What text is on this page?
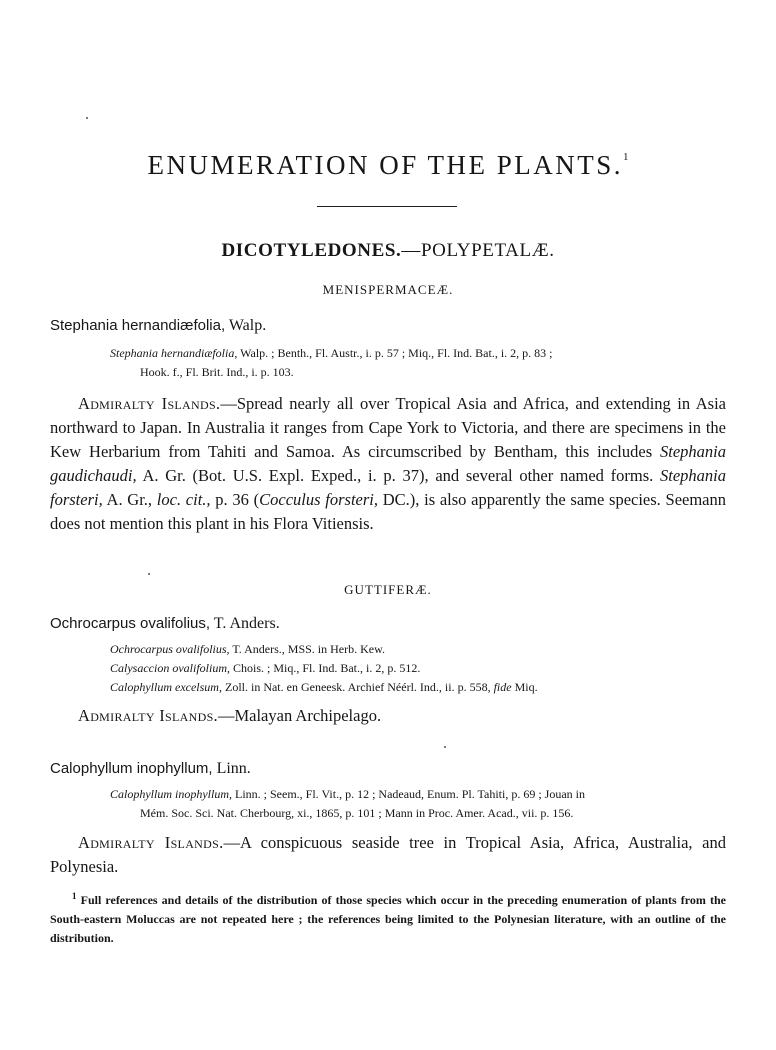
ENUMERATION OF THE PLANTS.$^1$
DICOTYLEDONES.—POLYPETALÆ.
MENISPERMACEÆ.
Stephania hernandiæfolia, Walp.
Stephania hernandiæfolia, Walp. ; Benth., Fl. Austr., i. p. 57 ; Miq., Fl. Ind. Bat., i. 2, p. 83 ;
Hook. f., Fl. Brit. Ind., i. p. 103.

Admiralty Islands.—Spread nearly all over Tropical Asia and Africa, and extending in Asia northward to Japan. In Australia it ranges from Cape York to Victoria, and there are specimens in the Kew Herbarium from Tahiti and Samoa. As circumscribed by Bentham, this includes Stephania gaudichaudi, A. Gr. (Bot. U.S. Expl. Exped., i. p. 37), and several other named forms. Stephania forsteri, A. Gr., loc. cit., p. 36 (Cocculus forsteri, DC.), is also apparently the same species. Seemann does not mention this plant in his Flora Vitiensis.

GUTTIFERÆ.
Ochrocarpus ovalifolius, T. Anders.
Ochrocarpus ovalifolius, T. Anders., MSS. in Herb. Kew.
Calysaccion ovalifolium, Chois. ; Miq., Fl. Ind. Bat., i. 2, p. 512.
Calophyllum excelsum, Zoll. in Nat. en Geneesk. Archief Néérl. Ind., ii. p. 558, fide Miq.

Admiralty Islands.—Malayan Archipelago.

Calophyllum inophyllum, Linn.
Calophyllum inophyllum, Linn. ; Seem., Fl. Vit., p. 12 ; Nadeaud, Enum. Pl. Tahiti, p. 69 ; Jouan in
Mém. Soc. Sci. Nat. Cherbourg, xi., 1865, p. 101 ; Mann in Proc. Amer. Acad., vii. p. 156.

Admiralty Islands.—A conspicuous seaside tree in Tropical Asia, Africa, Australia, and Polynesia.

$^1$ Full references and details of the distribution of those species which occur in the preceding enumeration of plants from the South-eastern Moluccas are not repeated here ; the references being limited to the Polynesian literature, with an outline of the distribution.
